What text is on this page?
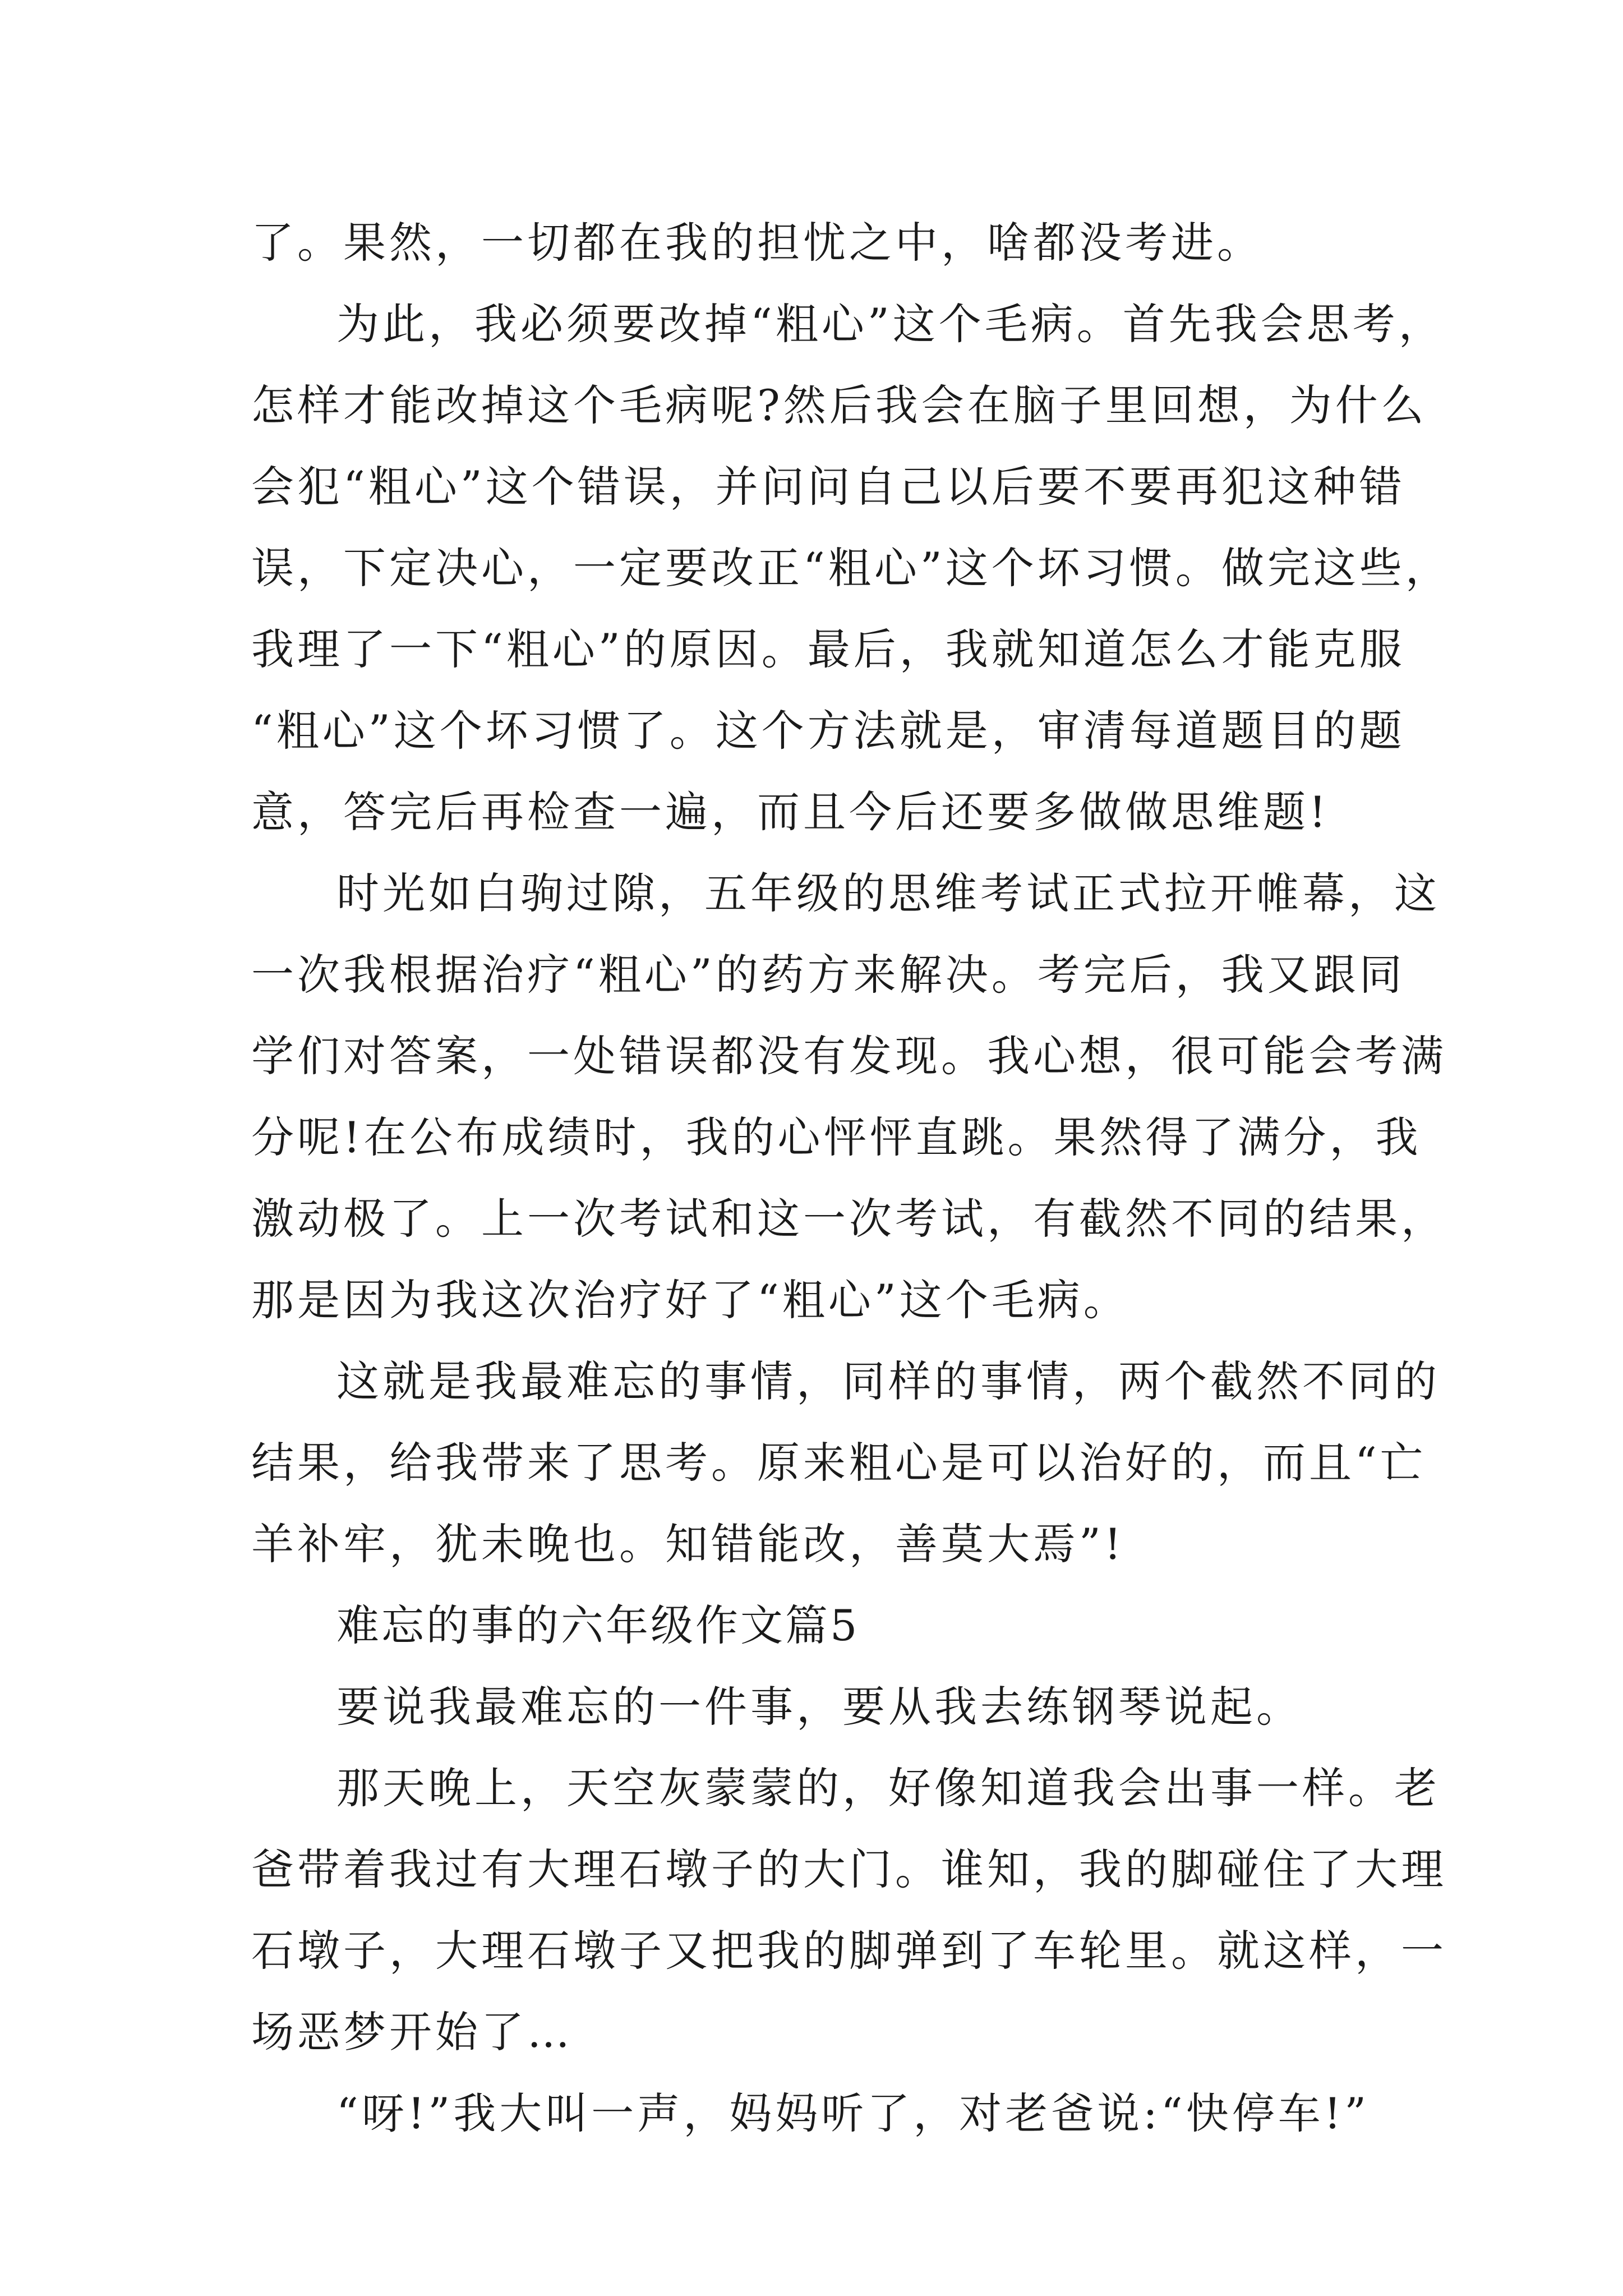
了。果然，一切都在我的担忧之中，啥都没考进。
为此，我必须要改掉“粗心”这个毛病。首先我会思考，
怎样才能改掉这个毛病呢?然后我会在脑子里回想，为什么
会犯“粗心”这个错误，并问问自己以后要不要再犯这种错
误，下定决心，一定要改正“粗心”这个坏习惯。做完这些，
我理了一下“粗心”的原因。最后，我就知道怎么才能克服
“粗心”这个坏习惯了。这个方法就是，审清每道题目的题
意，答完后再检查一遍，而且今后还要多做做思维题!
时光如白驹过隙，五年级的思维考试正式拉开帷幕，这
一次我根据治疗“粗心”的药方来解决。考完后，我又跟同
学们对答案，一处错误都没有发现。我心想，很可能会考满
分呢!在公布成绩时，我的心怦怦直跳。果然得了满分，我
激动极了。上一次考试和这一次考试，有截然不同的结果，
那是因为我这次治疗好了“粗心”这个毛病。
这就是我最难忘的事情，同样的事情，两个截然不同的
结果，给我带来了思考。原来粗心是可以治好的，而且“亡
羊补牢，犹未晚也。知错能改，善莫大焉”!
难忘的事的六年级作文篇5
要说我最难忘的一件事，要从我去练钢琴说起。
那天晚上，天空灰蒙蒙的，好像知道我会出事一样。老
爸带着我过有大理石墩子的大门。谁知，我的脚碰住了大理
石墩子，大理石墩子又把我的脚弹到了车轮里。就这样，一
场恶梦开始了…
“呀!”我大叫一声，妈妈听了，对老爸说:“快停车!”
